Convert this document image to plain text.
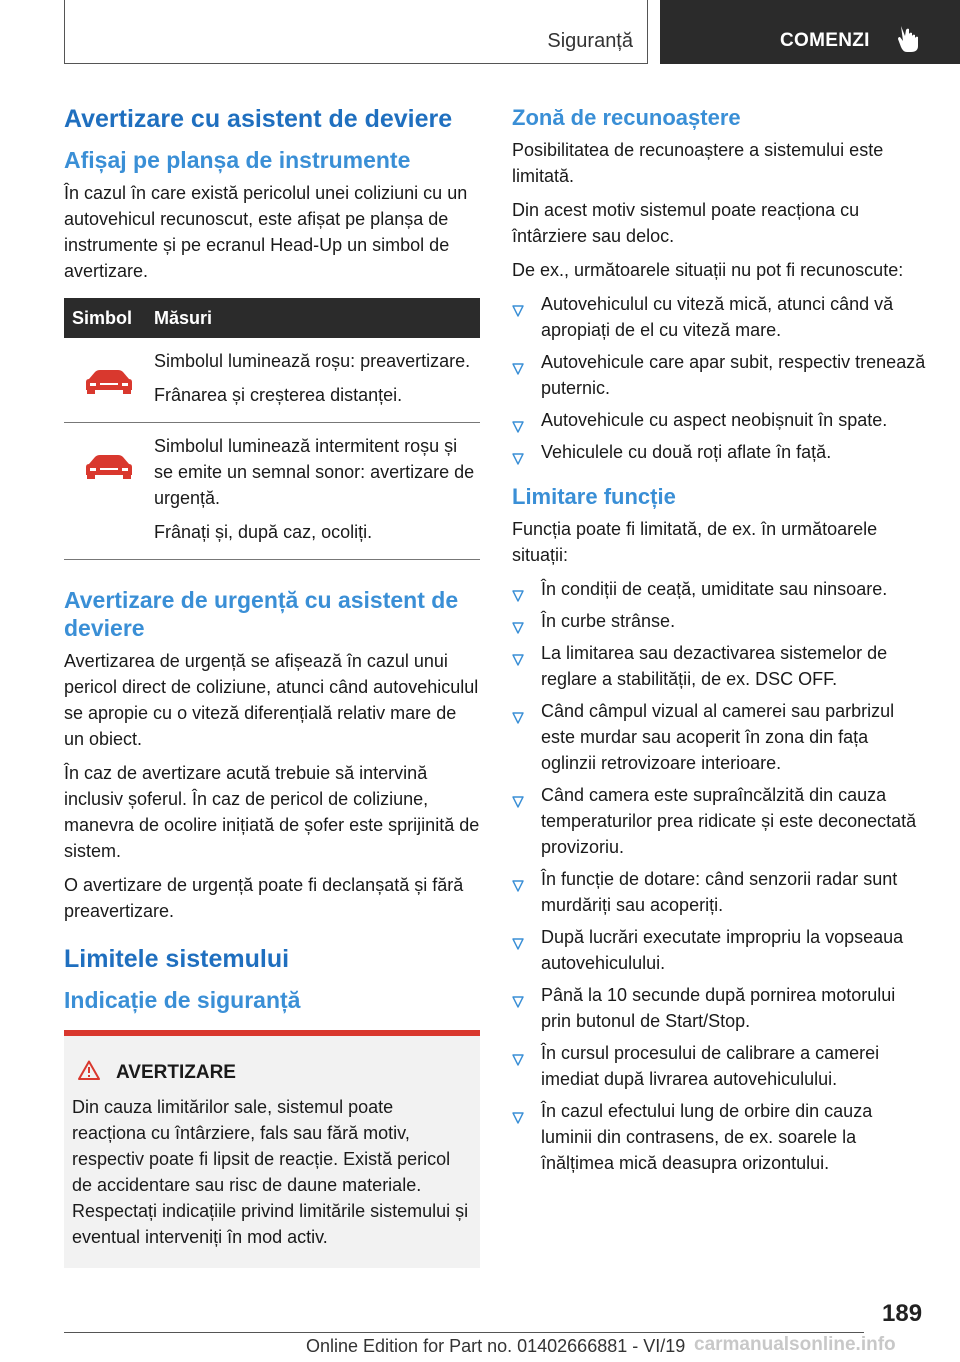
Siguranță	COMENZI
Avertizare cu asistent de deviere
Afișaj pe planșa de instrumente

În cazul în care există pericolul unei coliziuni cu un autovehicul recunoscut, este afișat pe planșa de instrumente și pe ecranul Head-Up un simbol de avertizare.

Simbol	Măsuri

Simbolul luminează roșu: preavertizare.

Frânarea și creșterea distanței.

Simbolul luminează intermitent roșu și se emite un semnal sonor: avertizare de urgență.

Frânați și, după caz, ocoliți.

Avertizare de urgență cu asistent de deviere

Avertizarea de urgență se afișează în cazul unui pericol direct de coliziune, atunci când autovehiculul se apropie cu o viteză diferențială relativ mare de un obiect.

În caz de avertizare acută trebuie să intervină inclusiv șoferul. În caz de pericol de coliziune, manevra de ocolire inițiată de șofer este sprijinită de sistem.

O avertizare de urgență poate fi declanșată și fără preavertizare.

Limitele sistemului
Indicație de siguranță
AVERTIZARE

Din cauza limitărilor sale, sistemul poate reacționa cu întârziere, fals sau fără motiv, respectiv poate fi lipsit de reacție. Există pericol de accidentare sau risc de daune materiale. Respectați indicațiile privind limitările sistemului și eventual interveniți în mod activ.

Zonă de recunoaștere

Posibilitatea de recunoaștere a sistemului este limitată.

Din acest motiv sistemul poate reacționa cu întârziere sau deloc.

De ex., următoarele situații nu pot fi recunoscute:

Autovehiculul cu viteză mică, atunci când vă apropiați de el cu viteză mare.
Autovehicule care apar subit, respectiv trenează puternic.
Autovehicule cu aspect neobișnuit în spate.
Vehiculele cu două roți aflate în față.
Limitare funcție

Funcția poate fi limitată, de ex. în următoarele situații:

În condiții de ceață, umiditate sau ninsoare.
În curbe strânse.
La limitarea sau dezactivarea sistemelor de reglare a stabilității, de ex. DSC OFF.
Când câmpul vizual al camerei sau parbrizul este murdar sau acoperit în zona din fața oglinzii retrovizoare interioare.
Când camera este supraîncălzită din cauza temperaturilor prea ridicate și este deconectată provizoriu.
În funcție de dotare: când senzorii radar sunt murdăriți sau acoperiți.
După lucrări executate impropriu la vopseaua autovehiculului.
Până la 10 secunde după pornirea motorului prin butonul de Start/Stop.
În cursul procesului de calibrare a camerei imediat după livrarea autovehiculului.
În cazul efectului lung de orbire din cauza luminii din contrasens, de ex. soarele la înălțimea mică deasupra orizontului.
189
Online Edition for Part no. 01402666881 - VI/19 carmanualsonline.info
